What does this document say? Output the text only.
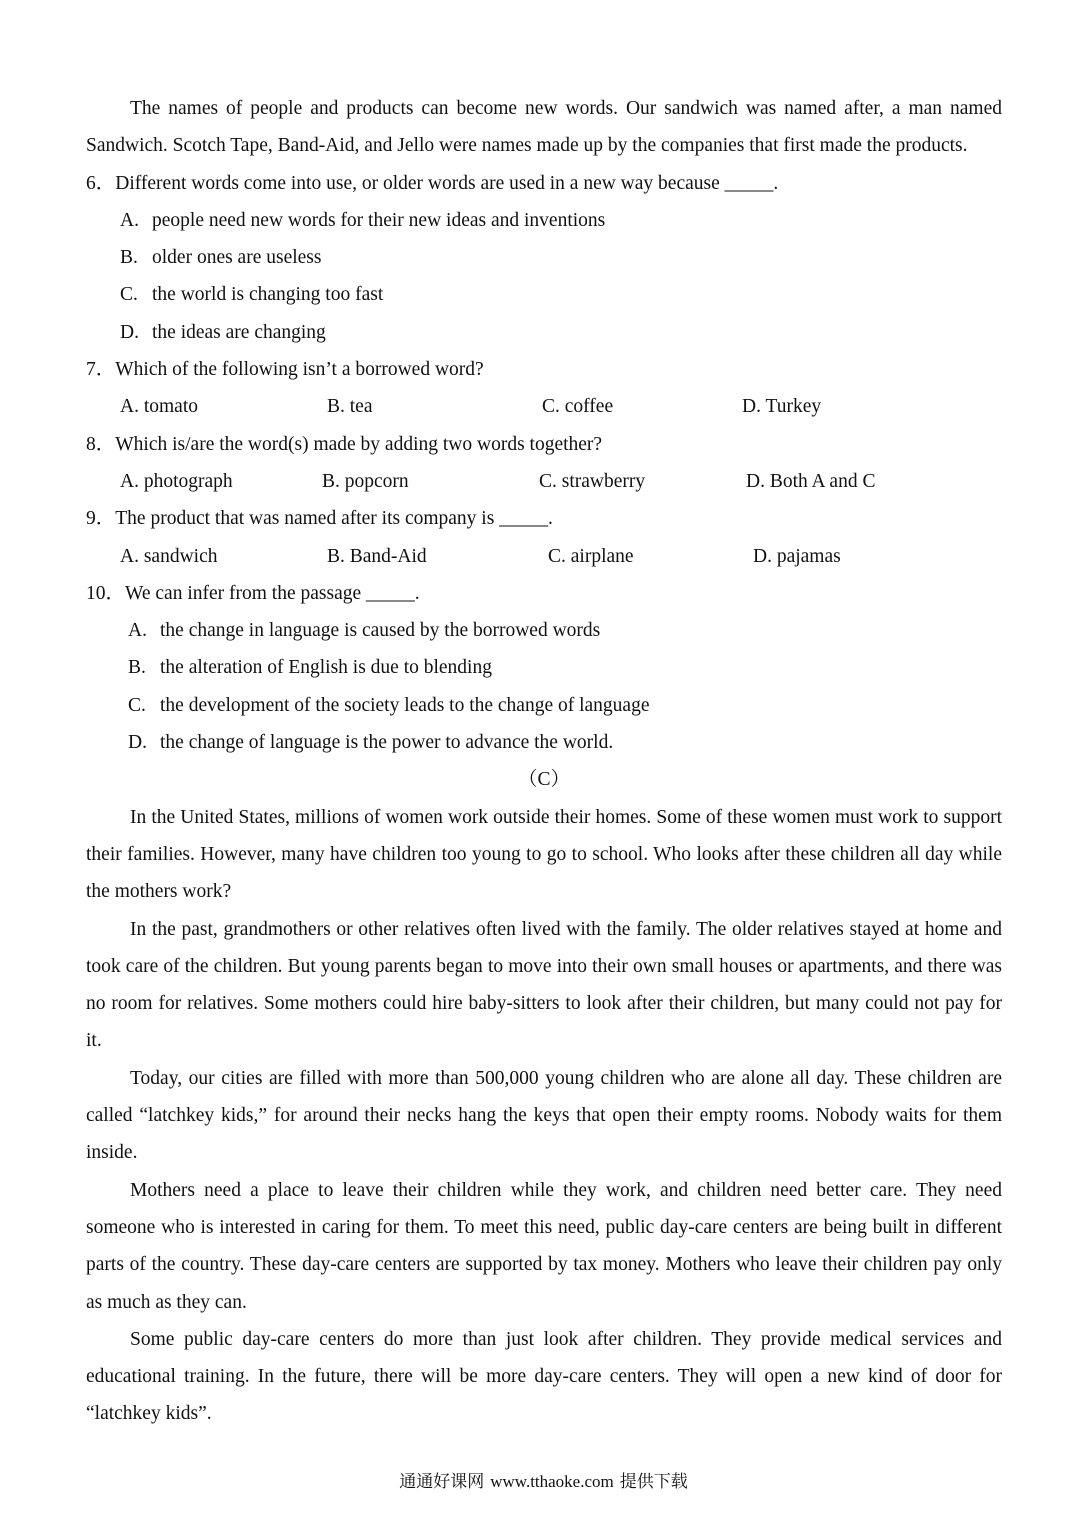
The names of people and products can become new words. Our sandwich was named after, a man named Sandwich. Scotch Tape, Band-Aid, and Jello were names made up by the companies that first made the products.

6．Different words come into use, or older words are used in a new way because _____.

A. people need new words for their new ideas and inventions

B. older ones are useless

C. the world is changing too fast

D. the ideas are changing

7．Which of the following isn’t a borrowed word?

A. tomato	B. tea	C. coffee	D. Turkey

8．Which is/are the word(s) made by adding two words together?

A. photograph	B. popcorn	C. strawberry	D. Both A and C

9．The product that was named after its company is _____.

A. sandwich	B. Band-Aid	C. airplane	D. pajamas

10．We can infer from the passage _____.

A. the change in language is caused by the borrowed words

B. the alteration of English is due to blending

C. the development of the society leads to the change of language

D. the change of language is the power to advance the world.

（C）

In the United States, millions of women work outside their homes. Some of these women must work to support their families. However, many have children too young to go to school. Who looks after these children all day while the mothers work?

In the past, grandmothers or other relatives often lived with the family. The older relatives stayed at home and took care of the children. But young parents began to move into their own small houses or apartments, and there was no room for relatives. Some mothers could hire baby-sitters to look after their children, but many could not pay for it.

Today, our cities are filled with more than 500,000 young children who are alone all day. These children are called “latchkey kids,” for around their necks hang the keys that open their empty rooms. Nobody waits for them inside.

Mothers need a place to leave their children while they work, and children need better care. They need someone who is interested in caring for them. To meet this need, public day-care centers are being built in different parts of the country. These day-care centers are supported by tax money. Mothers who leave their children pay only as much as they can.

Some public day-care centers do more than just look after children. They provide medical services and educational training. In the future, there will be more day-care centers. They will open a new kind of door for “latchkey kids”.

通通好课网 www.tthaoke.com 提供下载
